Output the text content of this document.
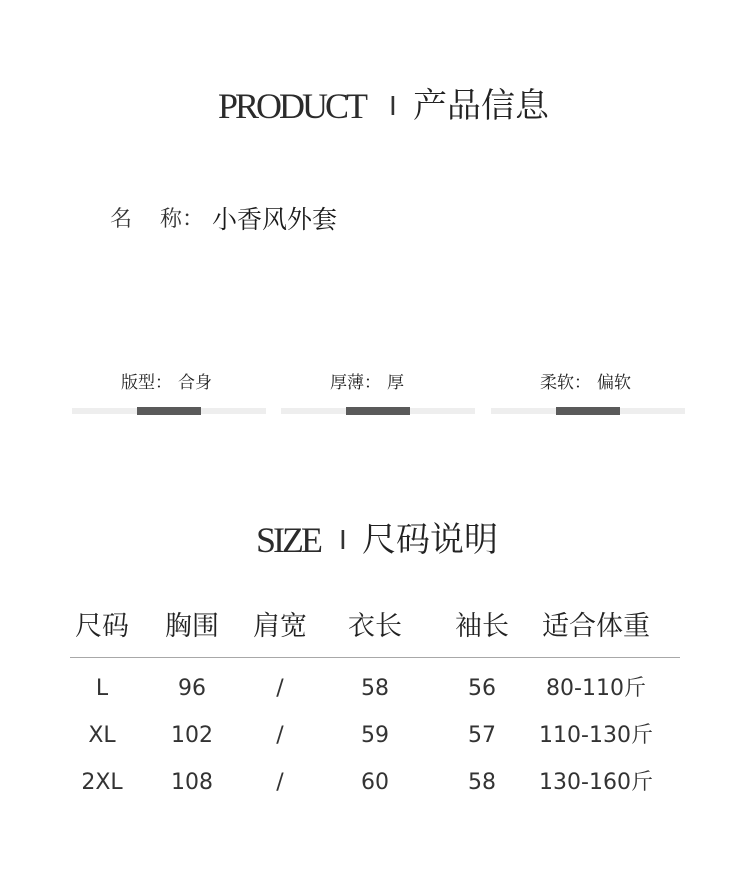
PRODUCT I 产品信息
名 称： 小香风外套
版型： 合身	厚薄： 厚	柔软： 偏软
SIZE I 尺码说明
尺码	胸围	肩宽	衣长	袖长	适合体重
L	96	/	58	56	80-110斤
XL	102	/	59	57	110-130斤
2XL	108	/	60	58	130-160斤
